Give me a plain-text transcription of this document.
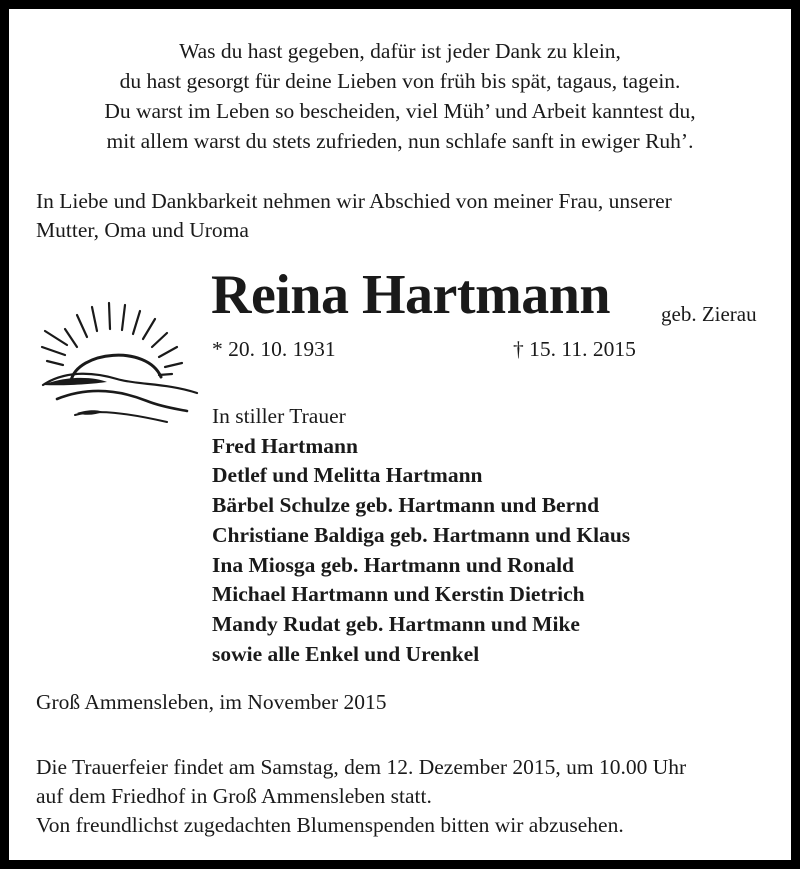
Was du hast gegeben, dafür ist jeder Dank zu klein,
du hast gesorgt für deine Lieben von früh bis spät, tagaus, tagein.
Du warst im Leben so bescheiden, viel Müh’ und Arbeit kanntest du,
mit allem warst du stets zufrieden, nun schlafe sanft in ewiger Ruh’.
In Liebe und Dankbarkeit nehmen wir Abschied von meiner Frau, unserer
Mutter, Oma und Uroma
Reina Hartmann geb. Zierau
* 20. 10. 1931	† 15. 11. 2015
In stiller Trauer
Fred Hartmann
Detlef und Melitta Hartmann
Bärbel Schulze geb. Hartmann und Bernd
Christiane Baldiga geb. Hartmann und Klaus
Ina Miosga geb. Hartmann und Ronald
Michael Hartmann und Kerstin Dietrich
Mandy Rudat geb. Hartmann und Mike
sowie alle Enkel und Urenkel
Groß Ammensleben, im November 2015
Die Trauerfeier findet am Samstag, dem 12. Dezember 2015, um 10.00 Uhr
auf dem Friedhof in Groß Ammensleben statt.
Von freundlichst zugedachten Blumenspenden bitten wir abzusehen.
